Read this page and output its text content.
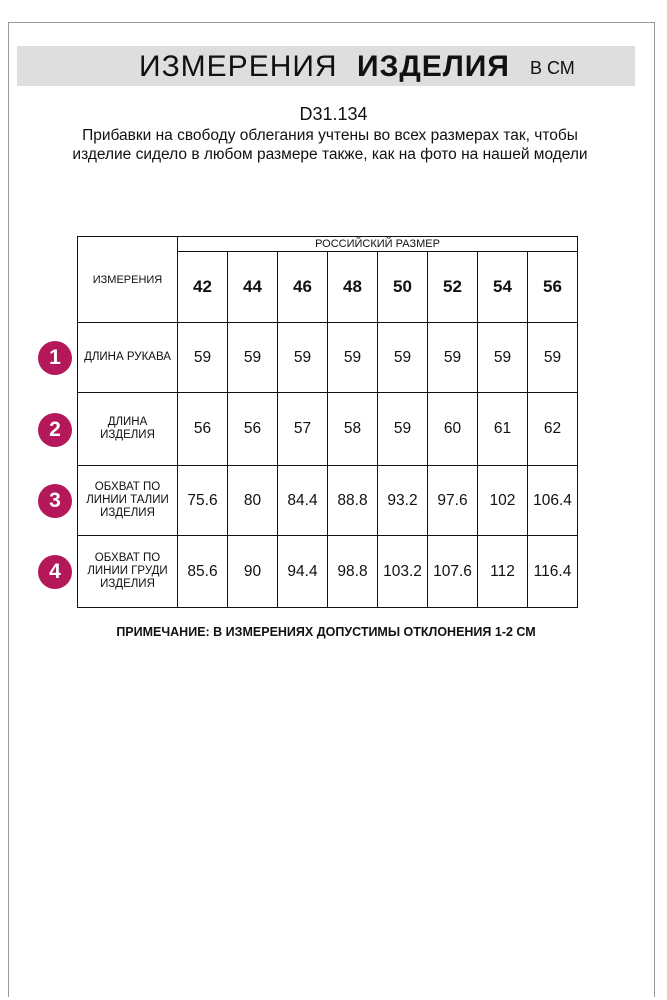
ИЗМЕРЕНИЯ ИЗДЕЛИЯ В СМ
D31.134
Прибавки на свободу облегания учтены во всех размерах так, чтобы изделие сидело в любом размере также, как на фото на нашей модели
ИЗМЕРЕНИЯ	РОССИЙСКИЙ РАЗМЕР							
	42	44	46	48	50	52	54	56
ДЛИНА РУКАВА	59	59	59	59	59	59	59	59
ДЛИНА ИЗДЕЛИЯ	56	56	57	58	59	60	61	62
ОБХВАТ ПО ЛИНИИ ТАЛИИ ИЗДЕЛИЯ	75.6	80	84.4	88.8	93.2	97.6	102	106.4
ОБХВАТ ПО ЛИНИИ ГРУДИ ИЗДЕЛИЯ	85.6	90	94.4	98.8	103.2	107.6	112	116.4
1
2
3
4
ПРИМЕЧАНИЕ: В ИЗМЕРЕНИЯХ ДОПУСТИМЫ ОТКЛОНЕНИЯ 1-2 СМ
